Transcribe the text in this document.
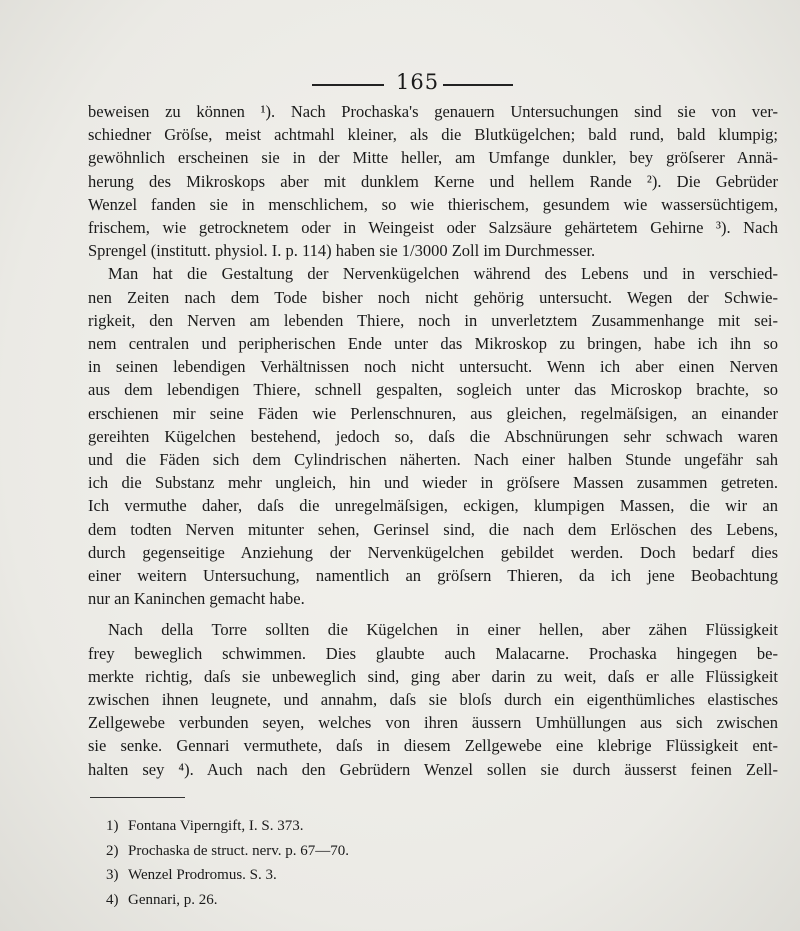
165
beweisen zu können ¹). Nach Prochaska's genauern Untersuchungen sind sie von ver-
schiedner Gröſse, meist achtmahl kleiner, als die Blutkügelchen; bald rund, bald klumpig;
gewöhnlich erscheinen sie in der Mitte heller, am Umfange dunkler, bey gröſserer Annä-
herung des Mikroskops aber mit dunklem Kerne und hellem Rande ²). Die Gebrüder
Wenzel fanden sie in menschlichem, so wie thierischem, gesundem wie wassersüchtigem,
frischem, wie getrocknetem oder in Weingeist oder Salzsäure gehärtetem Gehirne ³). Nach
Sprengel (institutt. physiol. I. p. 114) haben sie 1/3000 Zoll im Durchmesser.
Man hat die Gestaltung der Nervenkügelchen während des Lebens und in verschied-
nen Zeiten nach dem Tode bisher noch nicht gehörig untersucht. Wegen der Schwie-
rigkeit, den Nerven am lebenden Thiere, noch in unverletztem Zusammenhange mit sei-
nem centralen und peripherischen Ende unter das Mikroskop zu bringen, habe ich ihn so
in seinen lebendigen Verhältnissen noch nicht untersucht. Wenn ich aber einen Nerven
aus dem lebendigen Thiere, schnell gespalten, sogleich unter das Microskop brachte, so
erschienen mir seine Fäden wie Perlenschnuren, aus gleichen, regelmäſsigen, an einander
gereihten Kügelchen bestehend, jedoch so, daſs die Abschnürungen sehr schwach waren
und die Fäden sich dem Cylindrischen näherten. Nach einer halben Stunde ungefähr sah
ich die Substanz mehr ungleich, hin und wieder in gröſsere Massen zusammen getreten.
Ich vermuthe daher, daſs die unregelmäſsigen, eckigen, klumpigen Massen, die wir an
dem todten Nerven mitunter sehen, Gerinsel sind, die nach dem Erlöschen des Lebens,
durch gegenseitige Anziehung der Nervenkügelchen gebildet werden. Doch bedarf dies
einer weitern Untersuchung, namentlich an gröſsern Thieren, da ich jene Beobachtung
nur an Kaninchen gemacht habe.
Nach della Torre sollten die Kügelchen in einer hellen, aber zähen Flüssigkeit
frey beweglich schwimmen. Dies glaubte auch Malacarne. Prochaska hingegen be-
merkte richtig, daſs sie unbeweglich sind, ging aber darin zu weit, daſs er alle Flüssigkeit
zwischen ihnen leugnete, und annahm, daſs sie bloſs durch ein eigenthümliches elastisches
Zellgewebe verbunden seyen, welches von ihren äussern Umhüllungen aus sich zwischen
sie senke. Gennari vermuthete, daſs in diesem Zellgewebe eine klebrige Flüssigkeit ent-
halten sey ⁴). Auch nach den Gebrüdern Wenzel sollen sie durch äusserst feinen Zell-
1) Fontana Viperngift, I. S. 373.
2) Prochaska de struct. nerv. p. 67—70.
3) Wenzel Prodromus. S. 3.
4) Gennari, p. 26.
